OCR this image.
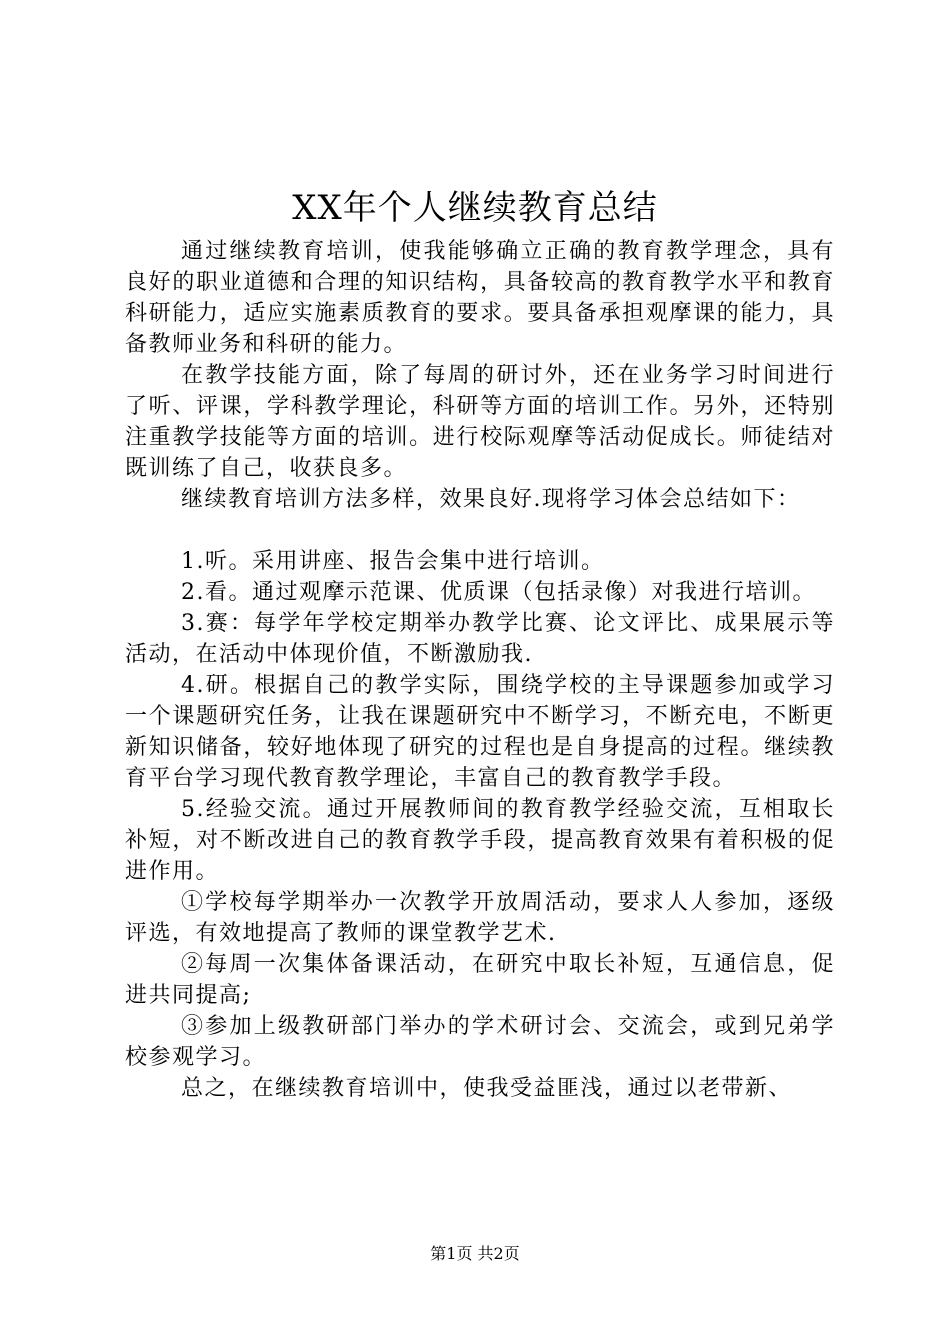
XX年个人继续教育总结

通过继续教育培训，使我能够确立正确的教育教学理念，具有良好的职业道德和合理的知识结构，具备较高的教育教学水平和教育科研能力，适应实施素质教育的要求。要具备承担观摩课的能力，具备教师业务和科研的能力。

在教学技能方面，除了每周的研讨外，还在业务学习时间进行了听、评课，学科教学理论，科研等方面的培训工作。另外，还特别注重教学技能等方面的培训。进行校际观摩等活动促成长。师徒结对既训练了自己，收获良多。

继续教育培训方法多样，效果良好.现将学习体会总结如下：

1.听。采用讲座、报告会集中进行培训。

2.看。通过观摩示范课、优质课（包括录像）对我进行培训。

3.赛：每学年学校定期举办教学比赛、论文评比、成果展示等活动，在活动中体现价值，不断激励我.

4.研。根据自己的教学实际，围绕学校的主导课题参加或学习一个课题研究任务，让我在课题研究中不断学习，不断充电，不断更新知识储备，较好地体现了研究的过程也是自身提高的过程。继续教育平台学习现代教育教学理论，丰富自己的教育教学手段。

5.经验交流。通过开展教师间的教育教学经验交流，互相取长补短，对不断改进自己的教育教学手段，提高教育效果有着积极的促进作用。

①学校每学期举办一次教学开放周活动，要求人人参加，逐级评选，有效地提高了教师的课堂教学艺术.

②每周一次集体备课活动，在研究中取长补短，互通信息，促进共同提高;

③参加上级教研部门举办的学术研讨会、交流会，或到兄弟学校参观学习。

总之，在继续教育培训中，使我受益匪浅，通过以老带新、

第1页 共2页
